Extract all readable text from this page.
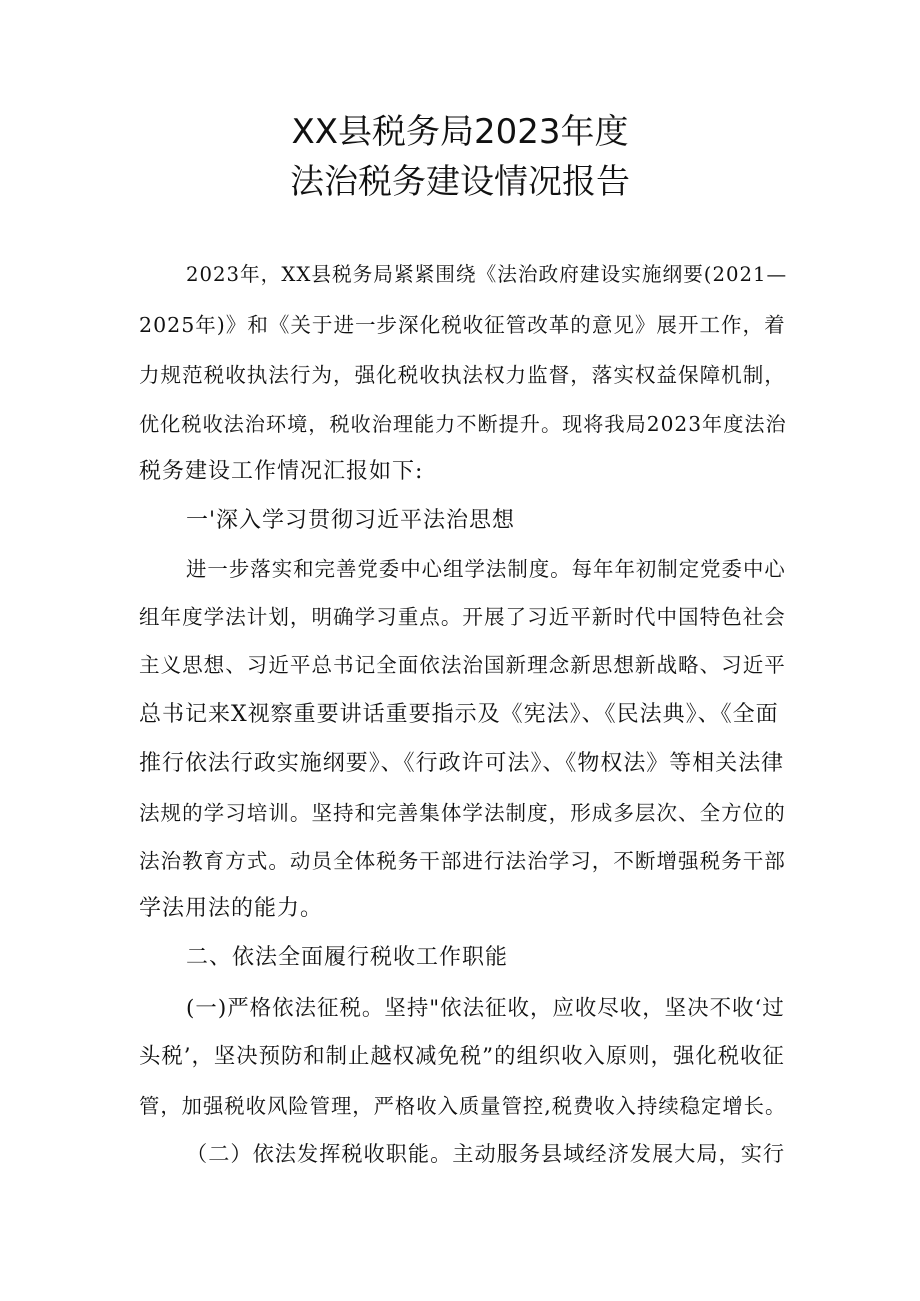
XX县税务局2023年度
法治税务建设情况报告
2023年，XX县税务局紧紧围绕《法治政府建设实施纲要(2021—
2025年)》和《关于进一步深化税收征管改革的意见》展开工作，着
力规范税收执法行为，强化税收执法权力监督，落实权益保障机制，
优化税收法治环境，税收治理能力不断提升。现将我局2023年度法治
税务建设工作情况汇报如下:
一'深入学习贯彻习近平法治思想
进一步落实和完善党委中心组学法制度。每年年初制定党委中心
组年度学法计划，明确学习重点。开展了习近平新时代中国特色社会
主义思想、习近平总书记全面依法治国新理念新思想新战略、习近平
总书记来X视察重要讲话重要指示及《宪法》、《民法典》、《全面
推行依法行政实施纲要》、《行政许可法》、《物权法》等相关法律
法规的学习培训。坚持和完善集体学法制度，形成多层次、全方位的
法治教育方式。动员全体税务干部进行法治学习，不断增强税务干部
学法用法的能力。
二、依法全面履行税收工作职能
(一)严格依法征税。坚持"依法征收，应收尽收，坚决不收‘过
头税’，坚决预防和制止越权减免税”的组织收入原则，强化税收征
管，加强税收风险管理，严格收入质量管控,税费收入持续稳定增长。
（二）依法发挥税收职能。主动服务县域经济发展大局，实行
